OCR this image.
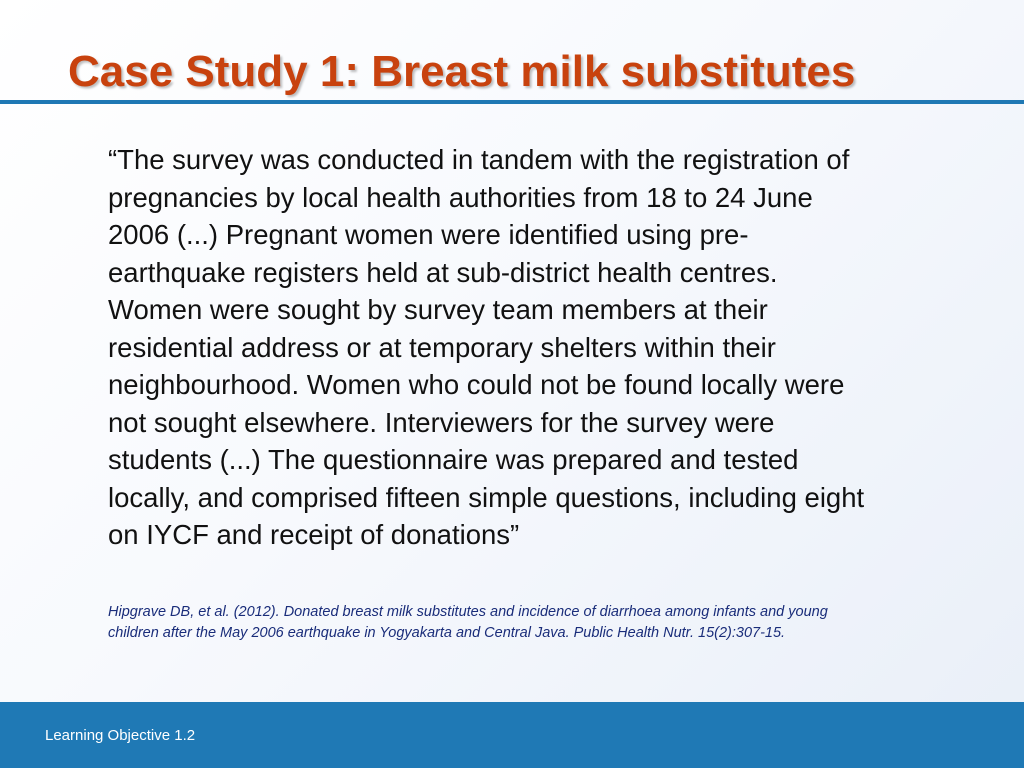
Case Study 1: Breast milk substitutes

“The survey was conducted in tandem with the registration of
pregnancies by local health authorities from 18 to 24 June
2006 (...) Pregnant women were identified using pre-
earthquake registers held at sub-district health centres.
Women were sought by survey team members at their
residential address or at temporary shelters within their
neighbourhood. Women who could not be found locally were
not sought elsewhere. Interviewers for the survey were
students (...) The questionnaire was prepared and tested
locally, and comprised fifteen simple questions, including eight
on IYCF and receipt of donations”

Hipgrave DB, et al. (2012). Donated breast milk substitutes and incidence of diarrhoea among infants and young
children after the May 2006 earthquake in Yogyakarta and Central Java. Public Health Nutr. 15(2):307-15.

Learning Objective 1.2
